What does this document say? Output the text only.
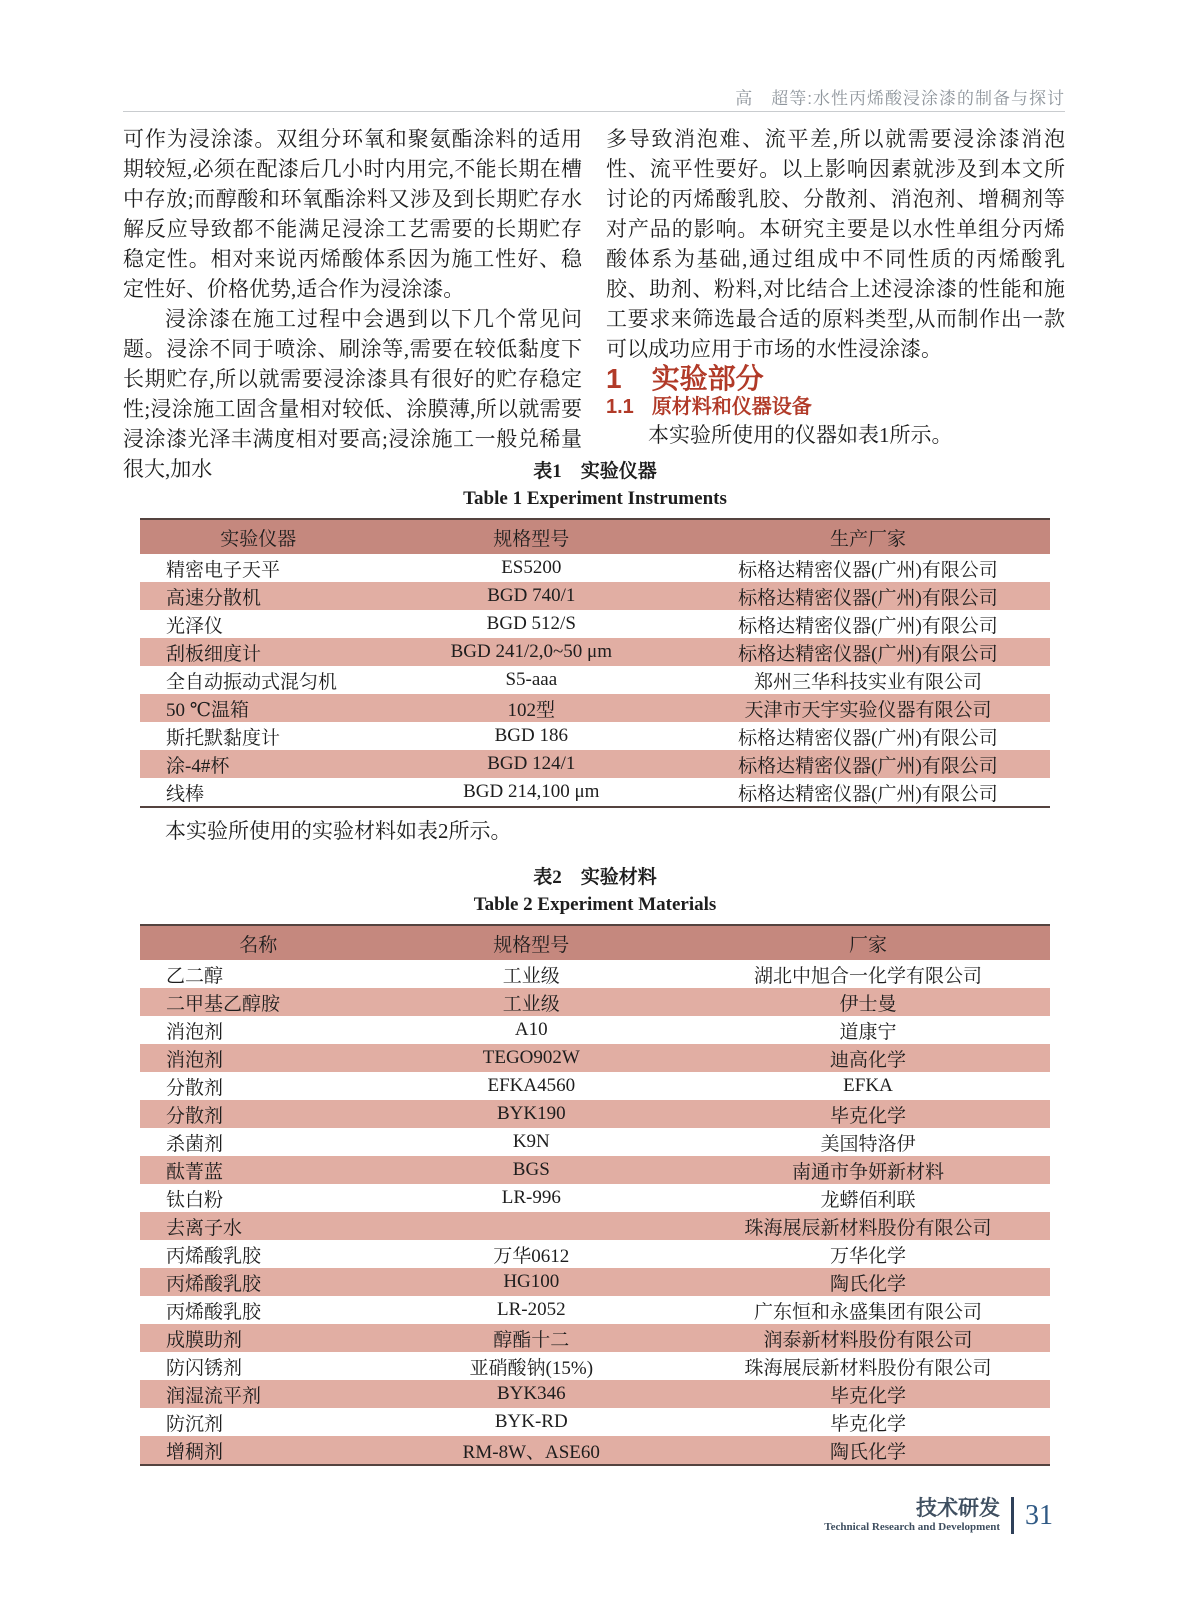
高　超等:水性丙烯酸浸涂漆的制备与探讨

可作为浸涂漆。双组分环氧和聚氨酯涂料的适用期较短,必须在配漆后几小时内用完,不能长期在槽中存放;而醇酸和环氧酯涂料又涉及到长期贮存水解反应导致都不能满足浸涂工艺需要的长期贮存稳定性。相对来说丙烯酸体系因为施工性好、稳定性好、价格优势,适合作为浸涂漆。

浸涂漆在施工过程中会遇到以下几个常见问题。浸涂不同于喷涂、刷涂等,需要在较低黏度下长期贮存,所以就需要浸涂漆具有很好的贮存稳定性;浸涂施工固含量相对较低、涂膜薄,所以就需要浸涂漆光泽丰满度相对要高;浸涂施工一般兑稀量很大,加水

多导致消泡难、流平差,所以就需要浸涂漆消泡性、流平性要好。以上影响因素就涉及到本文所讨论的丙烯酸乳胶、分散剂、消泡剂、增稠剂等对产品的影响。本研究主要是以水性单组分丙烯酸体系为基础,通过组成中不同性质的丙烯酸乳胶、助剂、粉料,对比结合上述浸涂漆的性能和施工要求来筛选最合适的原料类型,从而制作出一款可以成功应用于市场的水性浸涂漆。

1 实验部分

1.1 原材料和仪器设备

本实验所使用的仪器如表1所示。

表1　实验仪器

Table 1 Experiment Instruments

实验仪器	规格型号	生产厂家
精密电子天平	ES5200	标格达精密仪器(广州)有限公司
高速分散机	BGD 740/1	标格达精密仪器(广州)有限公司
光泽仪	BGD 512/S	标格达精密仪器(广州)有限公司
刮板细度计	BGD 241/2,0~50 μm	标格达精密仪器(广州)有限公司
全自动振动式混匀机	S5-aaa	郑州三华科技实业有限公司
50 ℃温箱	102型	天津市天宇实验仪器有限公司
斯托默黏度计	BGD 186	标格达精密仪器(广州)有限公司
涂-4#杯	BGD 124/1	标格达精密仪器(广州)有限公司
线棒	BGD 214,100 μm	标格达精密仪器(广州)有限公司

本实验所使用的实验材料如表2所示。

表2　实验材料

Table 2 Experiment Materials

名称	规格型号	厂家
乙二醇	工业级	湖北中旭合一化学有限公司
二甲基乙醇胺	工业级	伊士曼
消泡剂	A10	道康宁
消泡剂	TEGO902W	迪高化学
分散剂	EFKA4560	EFKA
分散剂	BYK190	毕克化学
杀菌剂	K9N	美国特洛伊
酞菁蓝	BGS	南通市争妍新材料
钛白粉	LR-996	龙蟒佰利联
去离子水		珠海展辰新材料股份有限公司
丙烯酸乳胶	万华0612	万华化学
丙烯酸乳胶	HG100	陶氏化学
丙烯酸乳胶	LR-2052	广东恒和永盛集团有限公司
成膜助剂	醇酯十二	润泰新材料股份有限公司
防闪锈剂	亚硝酸钠(15%)	珠海展辰新材料股份有限公司
润湿流平剂	BYK346	毕克化学
防沉剂	BYK-RD	毕克化学
增稠剂	RM-8W、ASE60	陶氏化学
技术研发
Technical Research and Development 31
